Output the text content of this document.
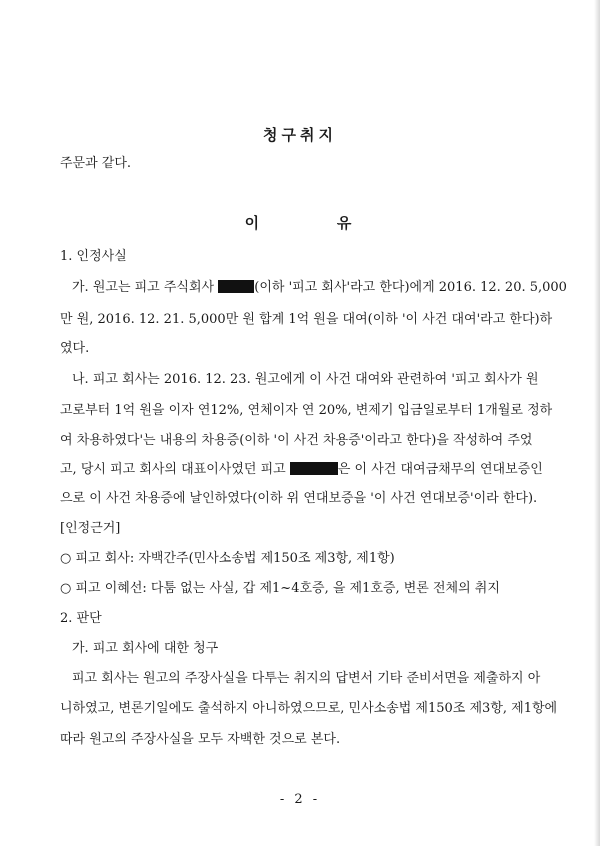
청구취지
주문과 같다.
이        유
1. 인정사실
가. 원고는 피고 주식회사	(이하 '피고 회사'라고 한다)에게 2016. 12. 20. 5,000
만 원, 2016. 12. 21. 5,000만 원 합계 1억 원을 대여(이하 '이 사건 대여'라고 한다)하
였다.
나. 피고 회사는 2016. 12. 23. 원고에게 이 사건 대여와 관련하여 '피고 회사가 원
고로부터 1억 원을 이자 연12%, 연체이자 연 20%, 변제기 입금일로부터 1개월로 정하
여 차용하였다'는 내용의 차용증(이하 '이 사건 차용증'이라고 한다)을 작성하여 주었
고, 당시 피고 회사의 대표이사였던 피고	은 이 사건 대여금채무의 연대보증인
으로 이 사건 차용증에 날인하였다(이하 위 연대보증을 '이 사건 연대보증'이라 한다).
[인정근거]
○ 피고 회사: 자백간주(민사소송법 제150조 제3항, 제1항)
○ 피고 이혜선: 다툼 없는 사실, 갑 제1~4호증, 을 제1호증, 변론 전체의 취지
2. 판단
가. 피고 회사에 대한 청구
피고 회사는 원고의 주장사실을 다투는 취지의 답변서 기타 준비서면을 제출하지 아
니하였고, 변론기일에도 출석하지 아니하였으므로, 민사소송법 제150조 제3항, 제1항에
따라 원고의 주장사실을 모두 자백한 것으로 본다.
- 2 -
